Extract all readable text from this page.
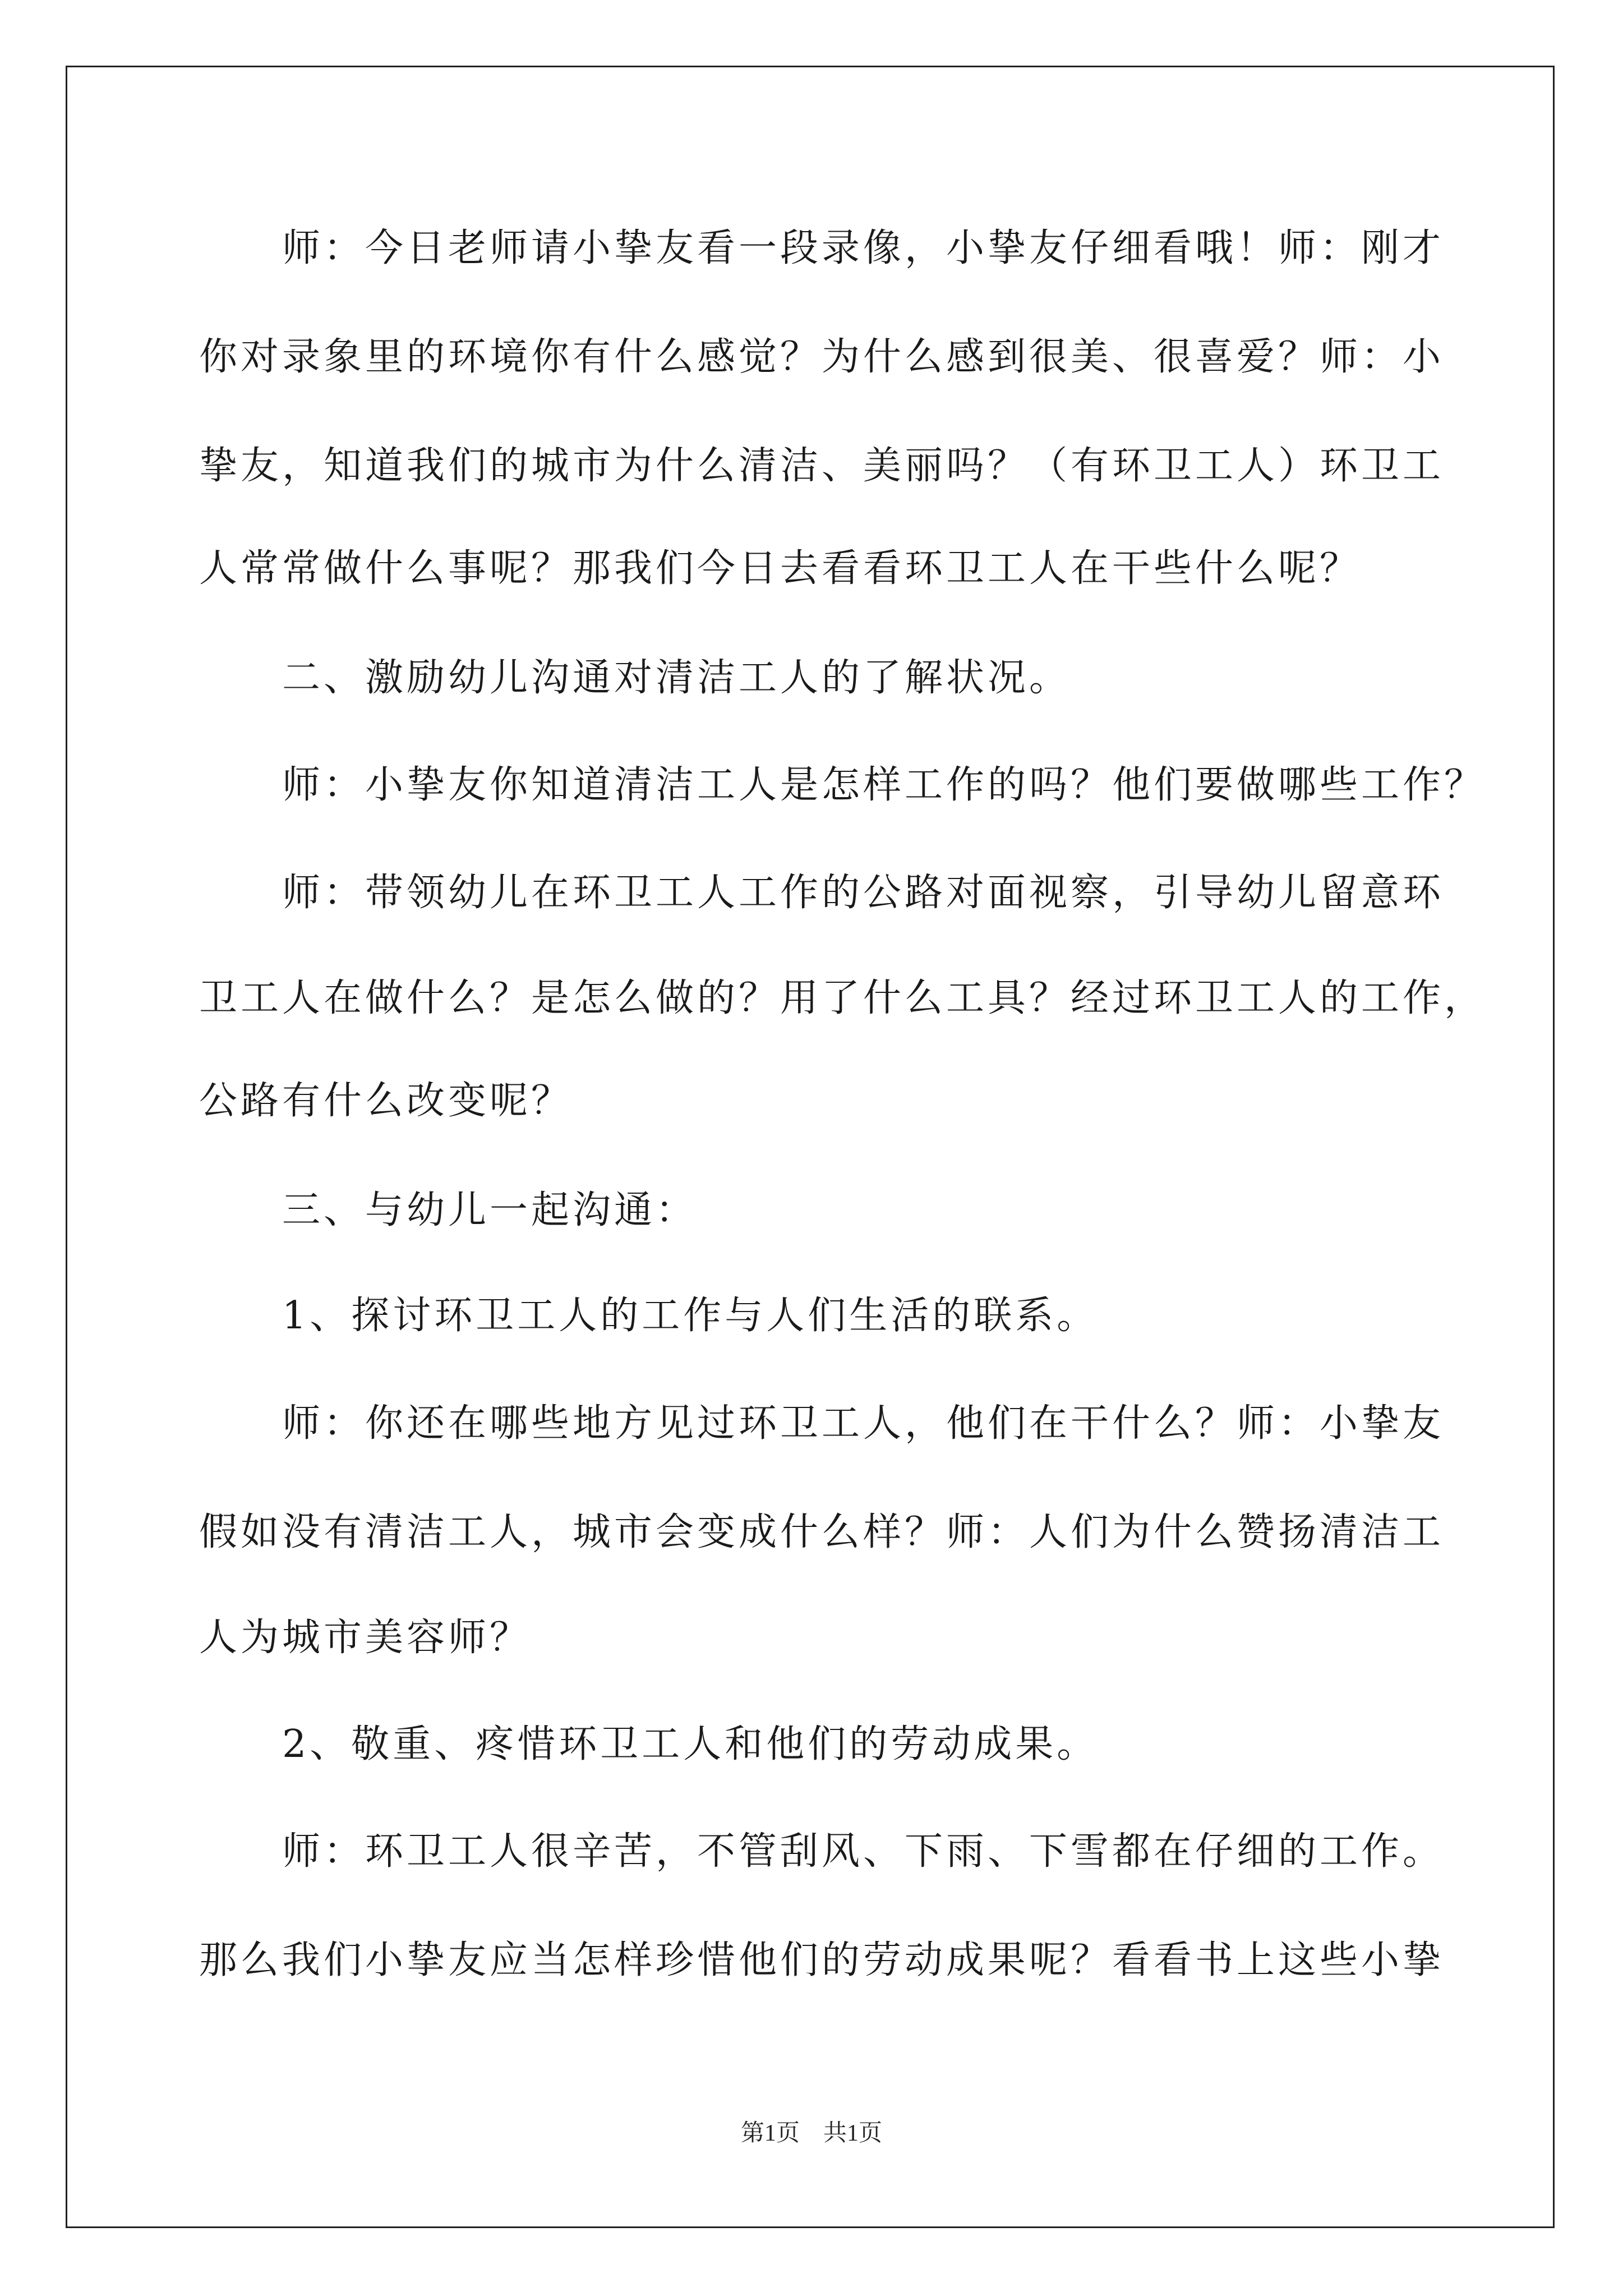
　　师：今日老师请小挚友看一段录像，小挚友仔细看哦！师：刚才
你对录象里的环境你有什么感觉？为什么感到很美、很喜爱？师：小
挚友，知道我们的城市为什么清洁、美丽吗？（有环卫工人）环卫工
人常常做什么事呢？那我们今日去看看环卫工人在干些什么呢？
　　二、激励幼儿沟通对清洁工人的了解状况。
　　师：小挚友你知道清洁工人是怎样工作的吗？他们要做哪些工作？
　　师：带领幼儿在环卫工人工作的公路对面视察，引导幼儿留意环
卫工人在做什么？是怎么做的？用了什么工具？经过环卫工人的工作，
公路有什么改变呢？
　　三、与幼儿一起沟通：
　　1、探讨环卫工人的工作与人们生活的联系。
　　师：你还在哪些地方见过环卫工人，他们在干什么？师：小挚友
假如没有清洁工人，城市会变成什么样？师：人们为什么赞扬清洁工
人为城市美容师？
　　2、敬重、疼惜环卫工人和他们的劳动成果。
　　师：环卫工人很辛苦，不管刮风、下雨、下雪都在仔细的工作。
那么我们小挚友应当怎样珍惜他们的劳动成果呢？看看书上这些小挚
第1页　共1页
